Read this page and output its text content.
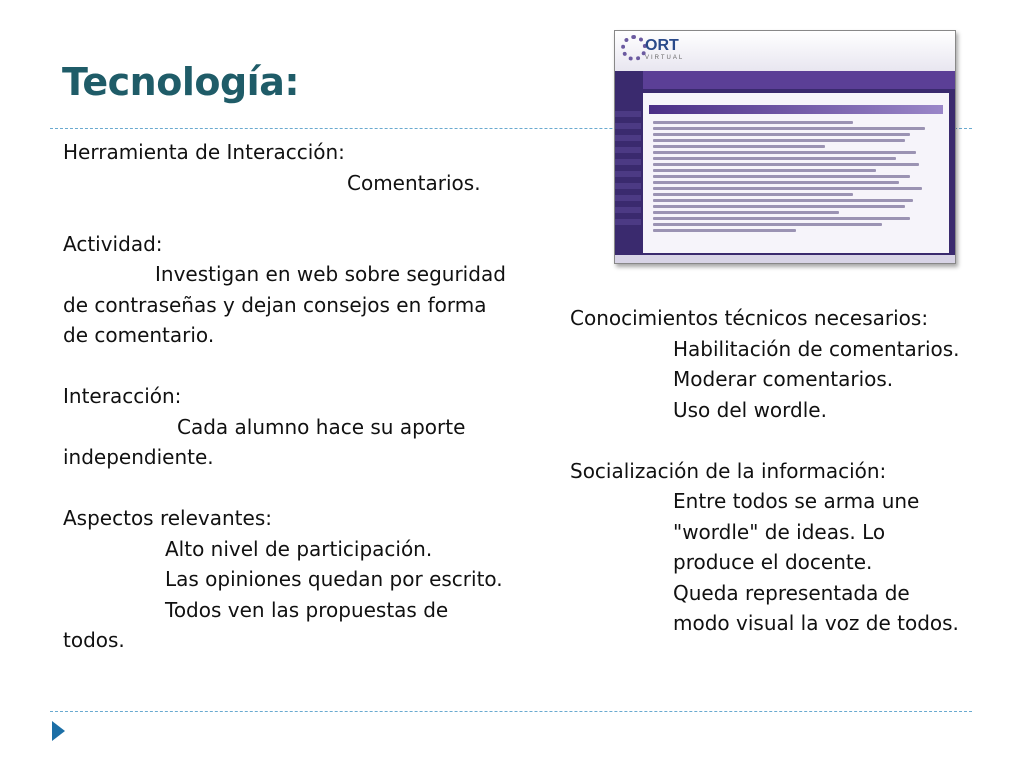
Tecnología:

Herramienta de Interacción:

Comentarios.

Actividad:

Investigan en web sobre seguridad

de contraseñas y dejan consejos en forma

de comentario.

Interacción:

Cada alumno hace su aporte

independiente.

Aspectos relevantes:

Alto nivel de participación.

Las opiniones quedan por escrito.

Todos ven las propuestas de

todos.

ORT
VIRTUAL

Conocimientos técnicos necesarios:

Habilitación de comentarios.

Moderar comentarios.

Uso del wordle.

Socialización de la información:

Entre todos se arma une

"wordle" de ideas. Lo

produce el docente.

Queda representada de

modo visual la voz de todos.
